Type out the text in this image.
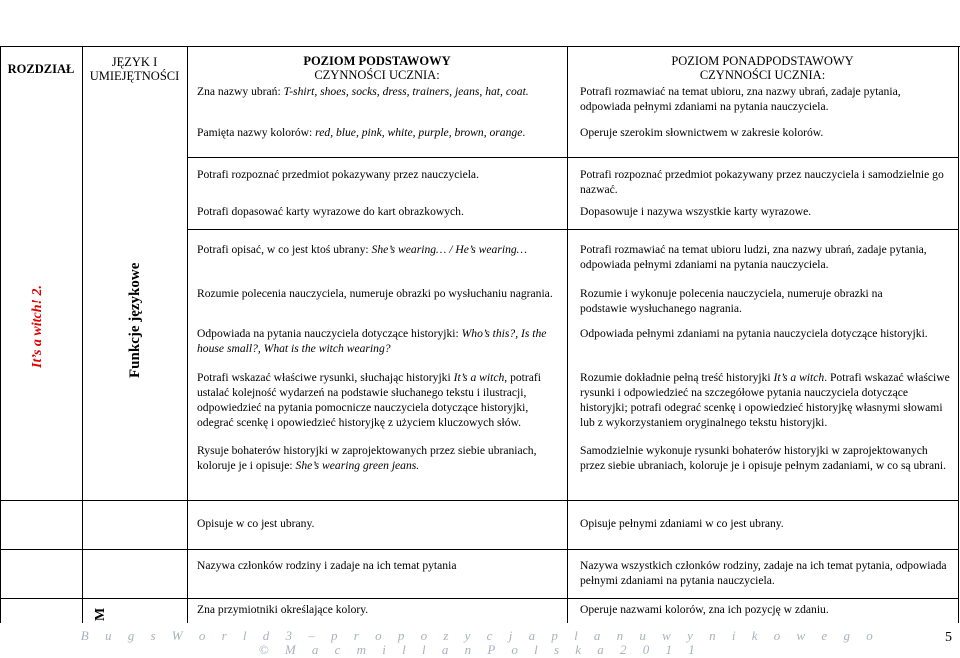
ROZDZIAŁ	JĘZYK I
UMIEJĘTNOŚCI
POZIOM PODSTAWOWY
CZYNNOŚCI UCZNIA:
POZIOM PONADPODSTAWOWY
CZYNNOŚCI UCZNIA:
It’s a witch! 2.	Funkcje językowe
M
Zna nazwy ubrań: T-shirt, shoes, socks, dress, trainers, jeans, hat, coat.
Pamięta nazwy kolorów: red, blue, pink, white, purple, brown, orange.
Potrafi rozpoznać przedmiot pokazywany przez nauczyciela.
Potrafi dopasować karty wyrazowe do kart obrazkowych.
Potrafi opisać, w co jest ktoś ubrany: She’s wearing… / He’s wearing…
Rozumie polecenia nauczyciela, numeruje obrazki po wysłuchaniu nagrania.
Odpowiada na pytania nauczyciela dotyczące historyjki: Who’s this?, Is the house small?, What is the witch wearing?
Potrafi wskazać właściwe rysunki, słuchając historyjki It’s a witch, potrafi ustalać kolejność wydarzeń na podstawie słuchanego tekstu i ilustracji, odpowiedzieć na pytania pomocnicze nauczyciela dotyczące historyjki, odegrać scenkę i opowiedzieć historyjkę z użyciem kluczowych słów.
Rysuje bohaterów historyjki w zaprojektowanych przez siebie ubraniach, koloruje je i opisuje: She’s wearing green jeans.
Opisuje w co jest ubrany.
Nazywa członków rodziny i zadaje na ich temat pytania
Zna przymiotniki określające kolory.
Potrafi rozmawiać na temat ubioru, zna nazwy ubrań, zadaje pytania, odpowiada pełnymi zdaniami na pytania nauczyciela.
Operuje szerokim słownictwem w zakresie kolorów.
Potrafi rozpoznać przedmiot pokazywany przez nauczyciela i samodzielnie go nazwać.
Dopasowuje i nazywa wszystkie karty wyrazowe.
Potrafi rozmawiać na temat ubioru ludzi, zna nazwy ubrań, zadaje pytania, odpowiada pełnymi zdaniami na pytania nauczyciela.
Rozumie i wykonuje polecenia nauczyciela, numeruje obrazki na podstawie wysłuchanego nagrania.
Odpowiada pełnymi zdaniami na pytania nauczyciela dotyczące historyjki.
Rozumie dokładnie pełną treść historyjki It’s a witch. Potrafi wskazać właściwe rysunki i odpowiedzieć na szczegółowe pytania nauczyciela dotyczące historyjki; potrafi odegrać scenkę i opowiedzieć historyjkę własnymi słowami lub z wykorzystaniem oryginalnego tekstu historyjki.
Samodzielnie wykonuje rysunki bohaterów historyjki w zaprojektowanych przez siebie ubraniach, koloruje je i opisuje pełnym zadaniami, w co są ubrani.
Opisuje pełnymi zdaniami w co jest ubrany.
Nazywa wszystkich członków rodziny, zadaje na ich temat pytania, odpowiada pełnymi zdaniami na pytania nauczyciela.
Operuje nazwami kolorów, zna ich pozycję w zdaniu.
B u g s W o r l d 3 – p r o p o z y c j a p l a n u w y n i k o w e g o
© M a c m i l l a n P o l s k a 2 0 1 1
5
